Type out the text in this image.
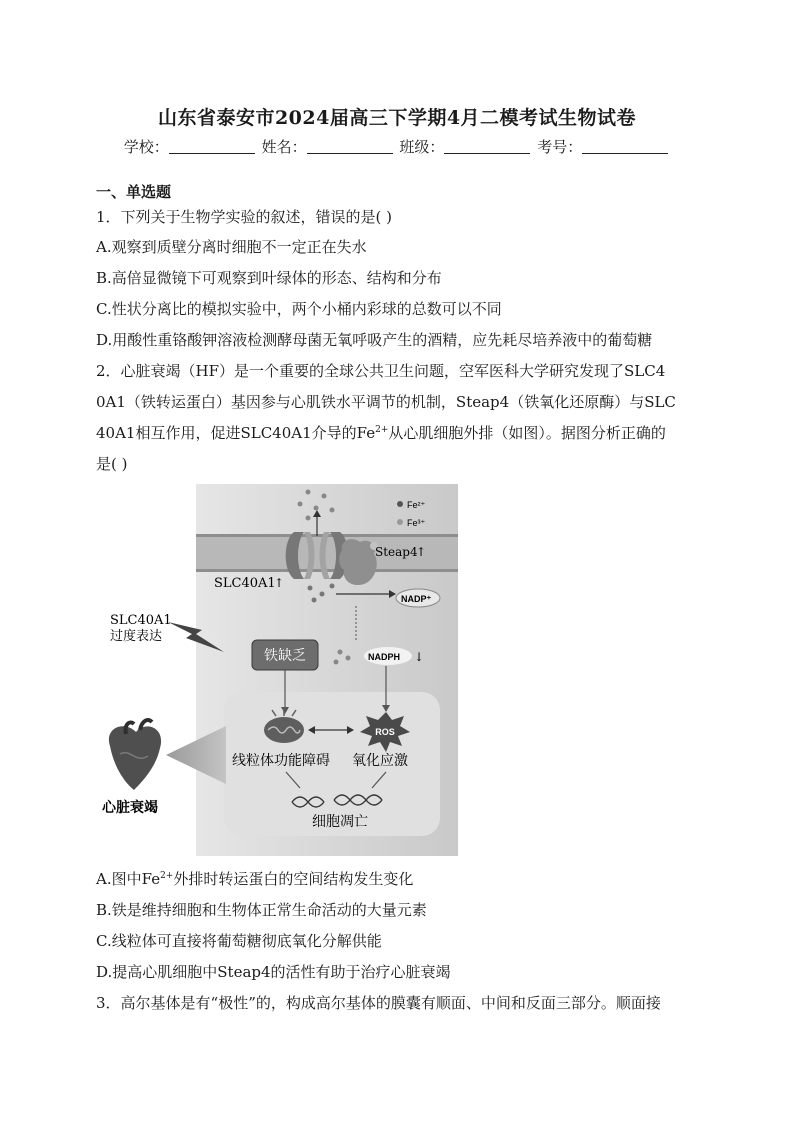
山东省泰安市2024届高三下学期4月二模考试生物试卷
学校：	姓名：	班级：	考号：
一、单选题
1．下列关于生物学实验的叙述，错误的是( )
A.观察到质壁分离时细胞不一定正在失水
B.高倍显微镜下可观察到叶绿体的形态、结构和分布
C.性状分离比的模拟实验中，两个小桶内彩球的总数可以不同
D.用酸性重铬酸钾溶液检测酵母菌无氧呼吸产生的酒精，应先耗尽培养液中的葡萄糖
2．心脏衰竭（HF）是一个重要的全球公共卫生问题，空军医科大学研究发现了SLC4
0A1（铁转运蛋白）基因参与心肌铁水平调节的机制，Steap4（铁氧化还原酶）与SLC
40A1相互作用，促进SLC40A1介导的$Fe^{2+}$从心肌细胞外排（如图）。据图分析正确的
是( )
Fe²⁺
Fe³⁺
SLC40A1
↑
Steap4
↑
NADP⁺
SLC40A1
过度表达
铁缺乏	NADPH ↓
ROS
线粒体功能障碍 氧化应激
细胞凋亡
心脏衰竭
A.图中$Fe^{2+}$外排时转运蛋白的空间结构发生变化
B.铁是维持细胞和生物体正常生命活动的大量元素
C.线粒体可直接将葡萄糖彻底氧化分解供能
D.提高心肌细胞中Steap4的活性有助于治疗心脏衰竭
3．高尔基体是有“极性”的，构成高尔基体的膜囊有顺面、中间和反面三部分。顺面接
